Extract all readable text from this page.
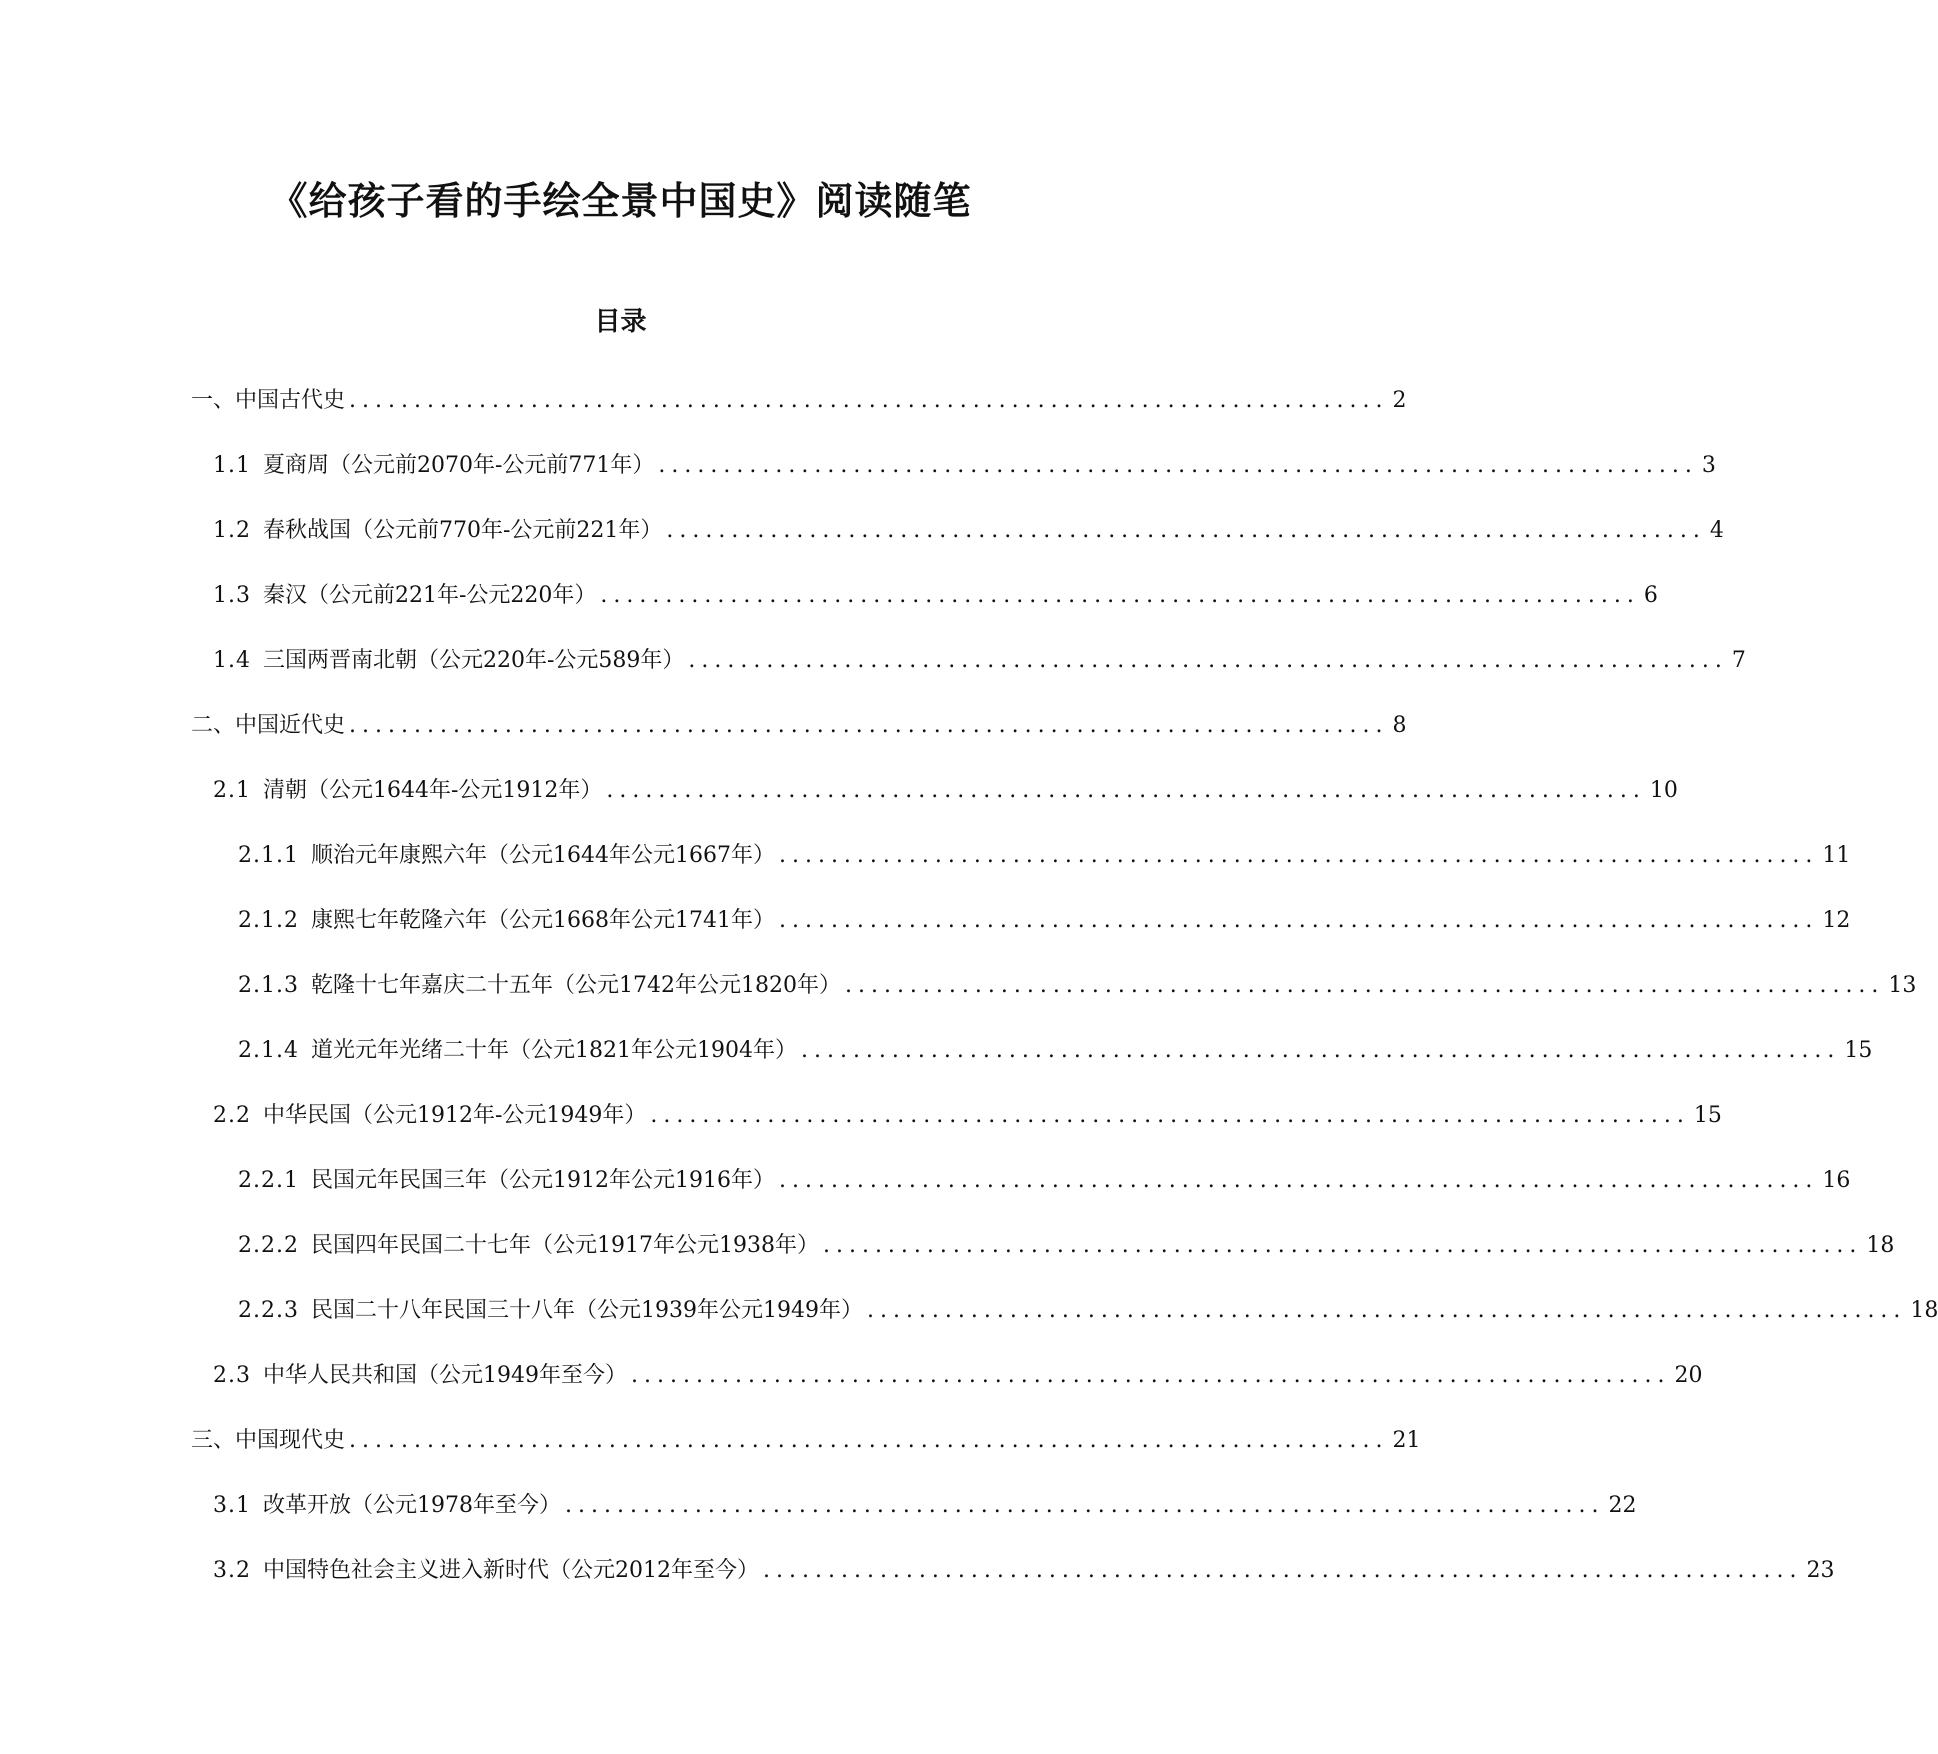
《给孩子看的手绘全景中国史》阅读随笔
目录
一、中国古代史 ................................................................................ 2
1.1 夏商周（公元前2070年-公元前771年） ................................................................................ 3
1.2 春秋战国（公元前770年-公元前221年） ................................................................................ 4
1.3 秦汉（公元前221年-公元220年） ................................................................................ 6
1.4 三国两晋南北朝（公元220年-公元589年） ................................................................................ 7
二、中国近代史 ................................................................................ 8
2.1 清朝（公元1644年-公元1912年） ................................................................................ 10
2.1.1 顺治元年康熙六年（公元1644年公元1667年） ................................................................................ 11
2.1.2 康熙七年乾隆六年（公元1668年公元1741年） ................................................................................ 12
2.1.3 乾隆十七年嘉庆二十五年（公元1742年公元1820年） ................................................................................ 13
2.1.4 道光元年光绪二十年（公元1821年公元1904年） ................................................................................ 15
2.2 中华民国（公元1912年-公元1949年） ................................................................................ 15
2.2.1 民国元年民国三年（公元1912年公元1916年） ................................................................................ 16
2.2.2 民国四年民国二十七年（公元1917年公元1938年） ................................................................................ 18
2.2.3 民国二十八年民国三十八年（公元1939年公元1949年） ................................................................................ 18
2.3 中华人民共和国（公元1949年至今） ................................................................................ 20
三、中国现代史 ................................................................................ 21
3.1 改革开放（公元1978年至今） ................................................................................ 22
3.2 中国特色社会主义进入新时代（公元2012年至今） ................................................................................ 23
